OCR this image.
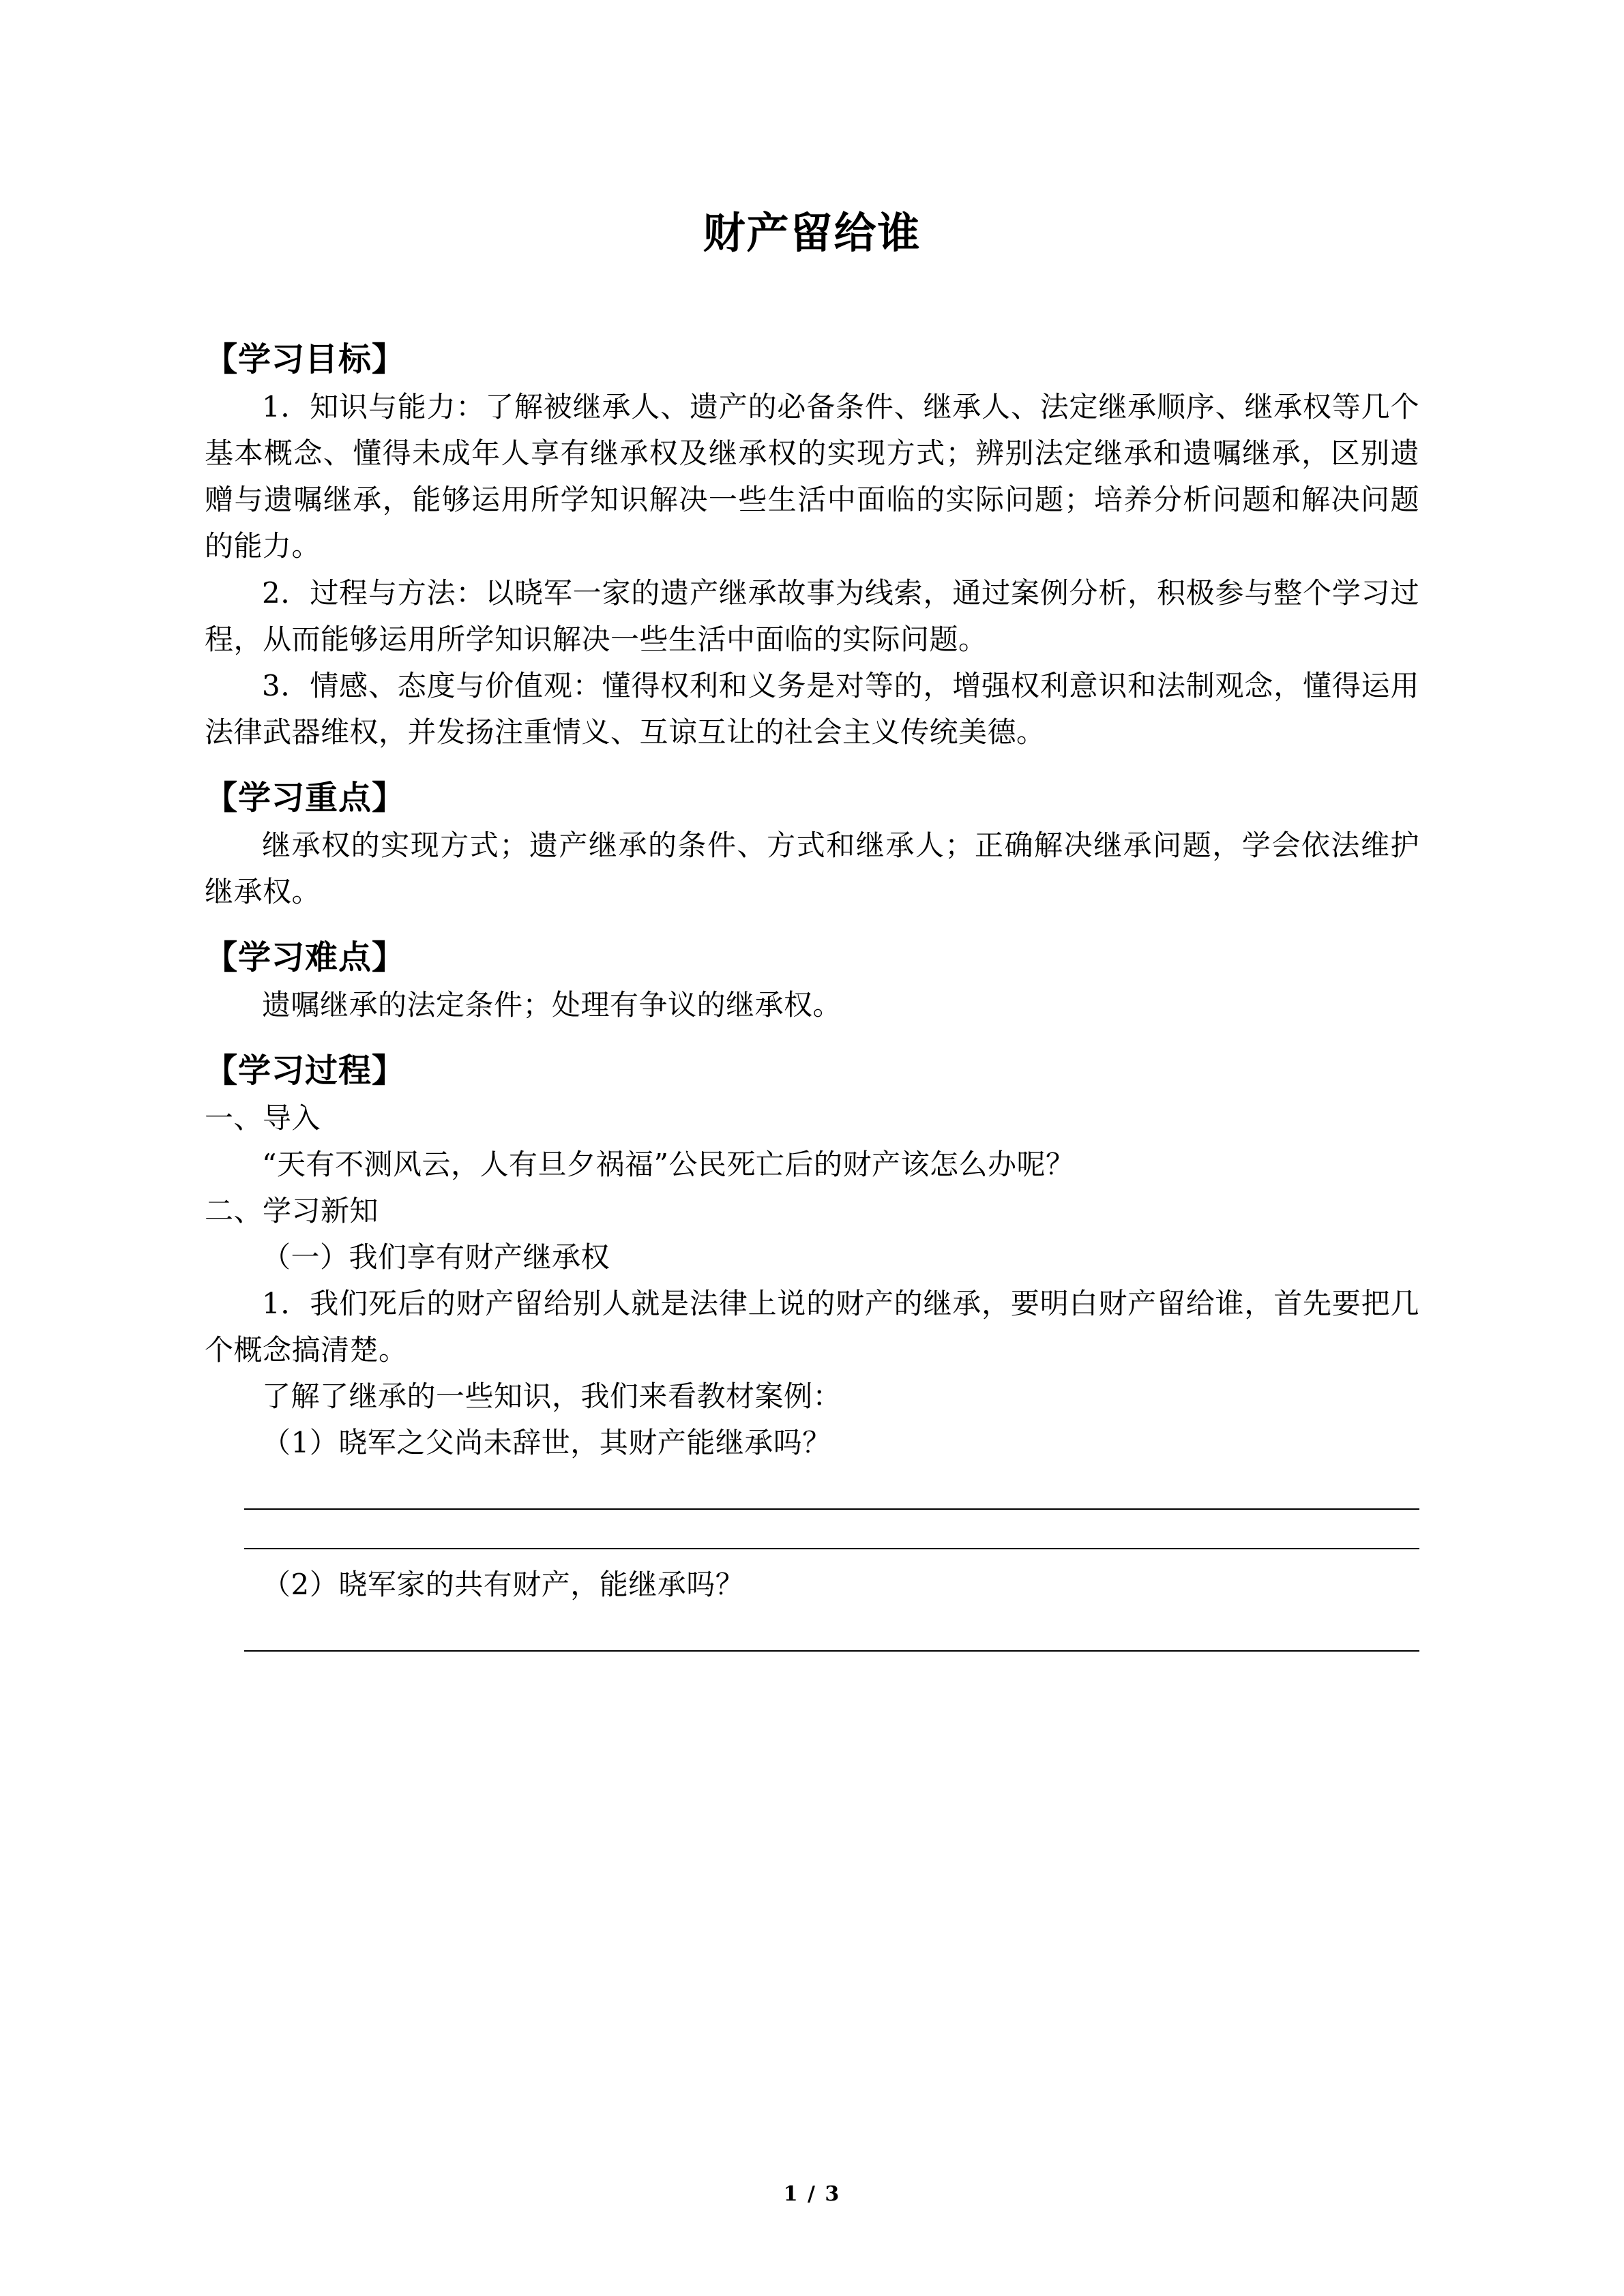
财产留给谁
【学习目标】

1．知识与能力：了解被继承人、遗产的必备条件、继承人、法定继承顺序、继承权等几个基本概念、懂得未成年人享有继承权及继承权的实现方式；辨别法定继承和遗嘱继承，区别遗赠与遗嘱继承，能够运用所学知识解决一些生活中面临的实际问题；培养分析问题和解决问题的能力。

2．过程与方法：以晓军一家的遗产继承故事为线索，通过案例分析，积极参与整个学习过程，从而能够运用所学知识解决一些生活中面临的实际问题。

3．情感、态度与价值观：懂得权利和义务是对等的，增强权利意识和法制观念，懂得运用法律武器维权，并发扬注重情义、互谅互让的社会主义传统美德。

【学习重点】

继承权的实现方式；遗产继承的条件、方式和继承人；正确解决继承问题，学会依法维护继承权。

【学习难点】

遗嘱继承的法定条件；处理有争议的继承权。

【学习过程】

一、导入

“天有不测风云，人有旦夕祸福”公民死亡后的财产该怎么办呢？

二、学习新知

（一）我们享有财产继承权

1．我们死后的财产留给别人就是法律上说的财产的继承，要明白财产留给谁，首先要把几个概念搞清楚。

了解了继承的一些知识，我们来看教材案例：

（1）晓军之父尚未辞世，其财产能继承吗？

（2）晓军家的共有财产，能继承吗？

1 / 3
